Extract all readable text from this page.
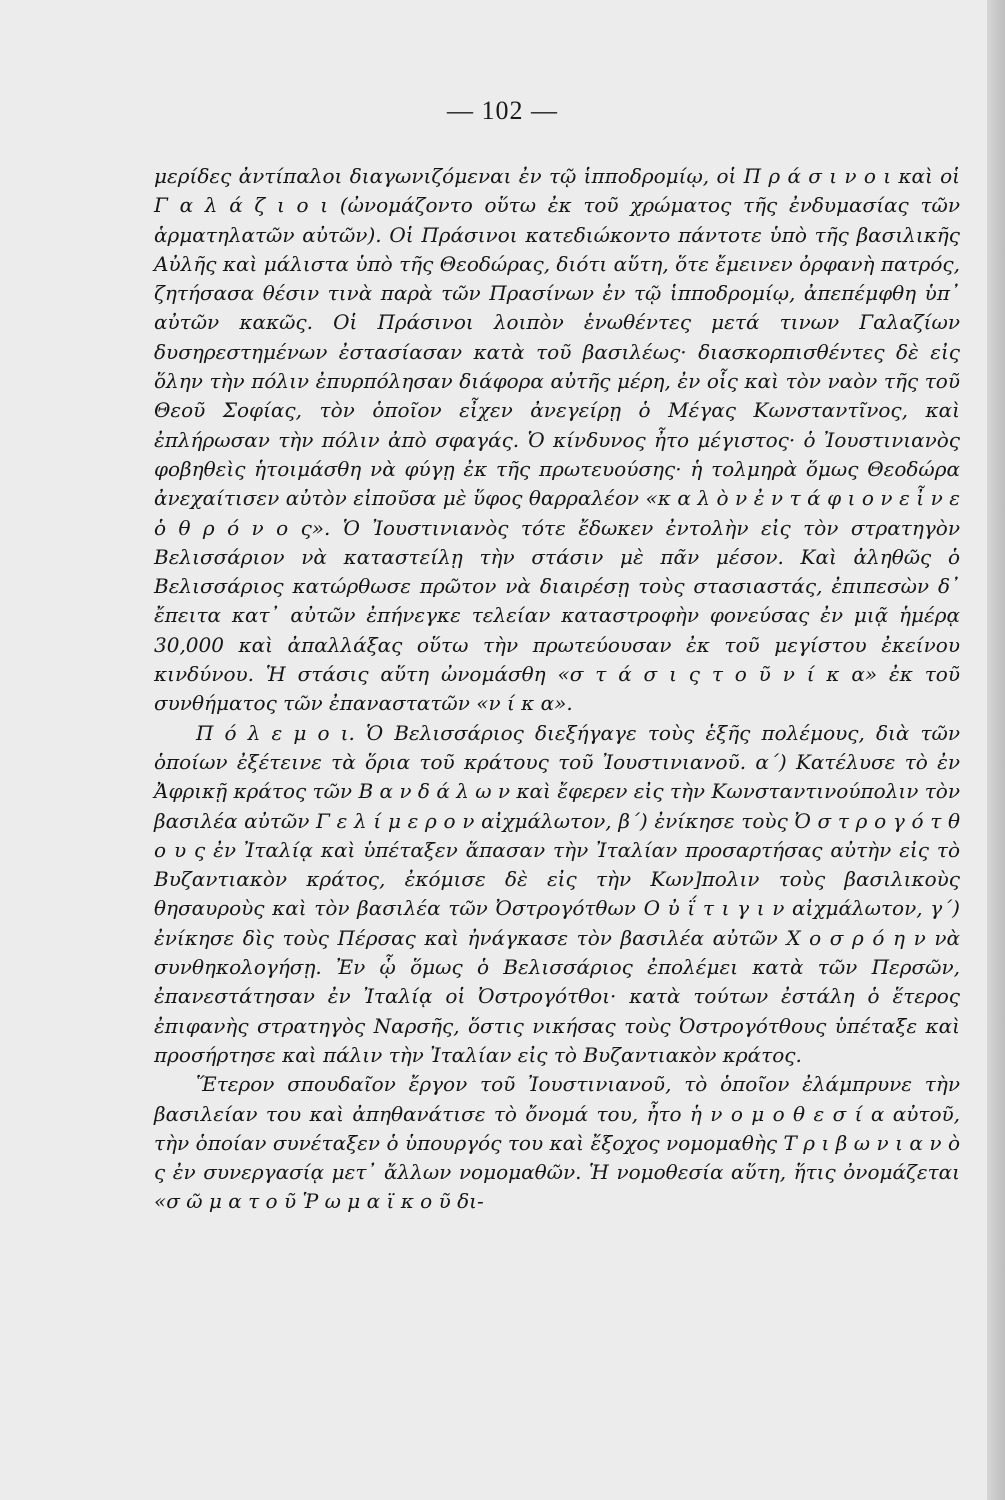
— 102 —

μερίδες ἀντίπαλοι διαγωνιζόμεναι ἐν τῷ ἱπποδρομίῳ, οἱ Π ρ ά σ ι ν ο ι καὶ οἱ Γ α λ ά ζ ι ο ι (ὠνομάζοντο οὕτω ἐκ τοῦ χρώματος τῆς ἐνδυμασίας τῶν ἁρματηλατῶν αὐτῶν). Οἱ Πράσινοι κατεδιώκοντο πάντοτε ὑπὸ τῆς βασιλικῆς Αὐλῆς καὶ μάλιστα ὑπὸ τῆς Θεοδώρας, διότι αὕτη, ὅτε ἔμεινεν ὀρφανὴ πατρός, ζητήσασα θέσιν τινὰ παρὰ τῶν Πρασίνων ἐν τῷ ἱπποδρομίῳ, ἀπεπέμφθη ὑπ᾽ αὐτῶν κακῶς. Οἱ Πράσινοι λοιπὸν ἑνωθέντες μετά τινων Γαλαζίων δυσηρεστημένων ἐστασίασαν κατὰ τοῦ βασιλέως· διασκορπισθέντες δὲ εἰς ὅλην τὴν πόλιν ἐπυρπόλησαν διάφορα αὐτῆς μέρη, ἐν οἷς καὶ τὸν ναὸν τῆς τοῦ Θεοῦ Σοφίας, τὸν ὁποῖον εἶχεν ἀνεγείρῃ ὁ Μέγας Κωνσταντῖνος, καὶ ἐπλήρωσαν τὴν πόλιν ἀπὸ σφαγάς. Ὁ κίνδυνος ἦτο μέγιστος· ὁ Ἰουστινιανὸς φοβηθεὶς ἡτοιμάσθη νὰ φύγῃ ἐκ τῆς πρωτευούσης· ἡ τολμηρὰ ὅμως Θεοδώρα ἀνεχαίτισεν αὐτὸν εἰποῦσα μὲ ὕφος θαρραλέον «κ α λ ὸ ν ἐ ν τ ά φ ι ο ν ε ἶ ν ε ὁ θ ρ ό ν ο ς». Ὁ Ἰουστινιανὸς τότε ἔδωκεν ἐντολὴν εἰς τὸν στρατηγὸν Βελισσάριον νὰ καταστείλῃ τὴν στάσιν μὲ πᾶν μέσον. Καὶ ἀληθῶς ὁ Βελισσάριος κατώρθωσε πρῶτον νὰ διαιρέσῃ τοὺς στασιαστάς, ἐπιπεσὼν δ᾽ ἔπειτα κατ᾽ αὐτῶν ἐπήνεγκε τελείαν καταστροφὴν φονεύσας ἐν μιᾷ ἡμέρᾳ 30,000 καὶ ἀπαλλάξας οὕτω τὴν πρωτεύουσαν ἐκ τοῦ μεγίστου ἐκείνου κινδύνου. Ἡ στάσις αὕτη ὠνομάσθη «σ τ ά σ ι ς τ ο ῦ ν ί κ α» ἐκ τοῦ συνθήματος τῶν ἐπαναστατῶν «ν ί κ α».

Π ό λ ε μ ο ι. Ὁ Βελισσάριος διεξήγαγε τοὺς ἑξῆς πολέμους, διὰ τῶν ὁποίων ἐξέτεινε τὰ ὅρια τοῦ κράτους τοῦ Ἰουστινιανοῦ. α΄) Κατέλυσε τὸ ἐν Ἀφρικῇ κράτος τῶν Β α ν δ ά λ ω ν καὶ ἔφερεν εἰς τὴν Κωνσταντινούπολιν τὸν βασιλέα αὐτῶν Γ ε λ ί μ ε ρ ο ν αἰχμάλωτον, β΄) ἐνίκησε τοὺς Ὀ σ τ ρ ο γ ό τ θ ο υ ς ἐν Ἰταλίᾳ καὶ ὑπέταξεν ἅπασαν τὴν Ἰταλίαν προσαρτήσας αὐτὴν εἰς τὸ Βυζαντιακὸν κράτος, ἐκόμισε δὲ εἰς τὴν Κων]πολιν τοὺς βασιλικοὺς θησαυροὺς καὶ τὸν βασιλέα τῶν Ὀστρογότθων Ο ὐ ΐ τ ι γ ι ν αἰχμάλωτον, γ΄) ἐνίκησε δὶς τοὺς Πέρσας καὶ ἠνάγκασε τὸν βασιλέα αὐτῶν Χ ο σ ρ ό η ν νὰ συνθηκολογήσῃ. Ἐν ᾧ ὅμως ὁ Βελισσάριος ἐπολέμει κατὰ τῶν Περσῶν, ἐπανεστάτησαν ἐν Ἰταλίᾳ οἱ Ὀστρογότθοι· κατὰ τούτων ἐστάλη ὁ ἕτερος ἐπιφανὴς στρατηγὸς Ναρσῆς, ὅστις νικήσας τοὺς Ὀστρογότθους ὑπέταξε καὶ προσήρτησε καὶ πάλιν τὴν Ἰταλίαν εἰς τὸ Βυζαντιακὸν κράτος.

Ἕτερον σπουδαῖον ἔργον τοῦ Ἰουστινιανοῦ, τὸ ὁποῖον ἐλάμπρυνε τὴν βασιλείαν του καὶ ἀπηθανάτισε τὸ ὄνομά του, ἦτο ἡ ν ο μ ο θ ε σ ί α αὐτοῦ, τὴν ὁποίαν συνέταξεν ὁ ὑπουργός του καὶ ἔξοχος νομομαθὴς Τ ρ ι β ω ν ι α ν ὸ ς ἐν συνεργασίᾳ μετ᾽ ἄλλων νομομαθῶν. Ἡ νομοθεσία αὕτη, ἥτις ὀνομάζεται «σ ῶ μ α τ ο ῦ Ῥ ω μ α ϊ κ ο ῦ δι-
